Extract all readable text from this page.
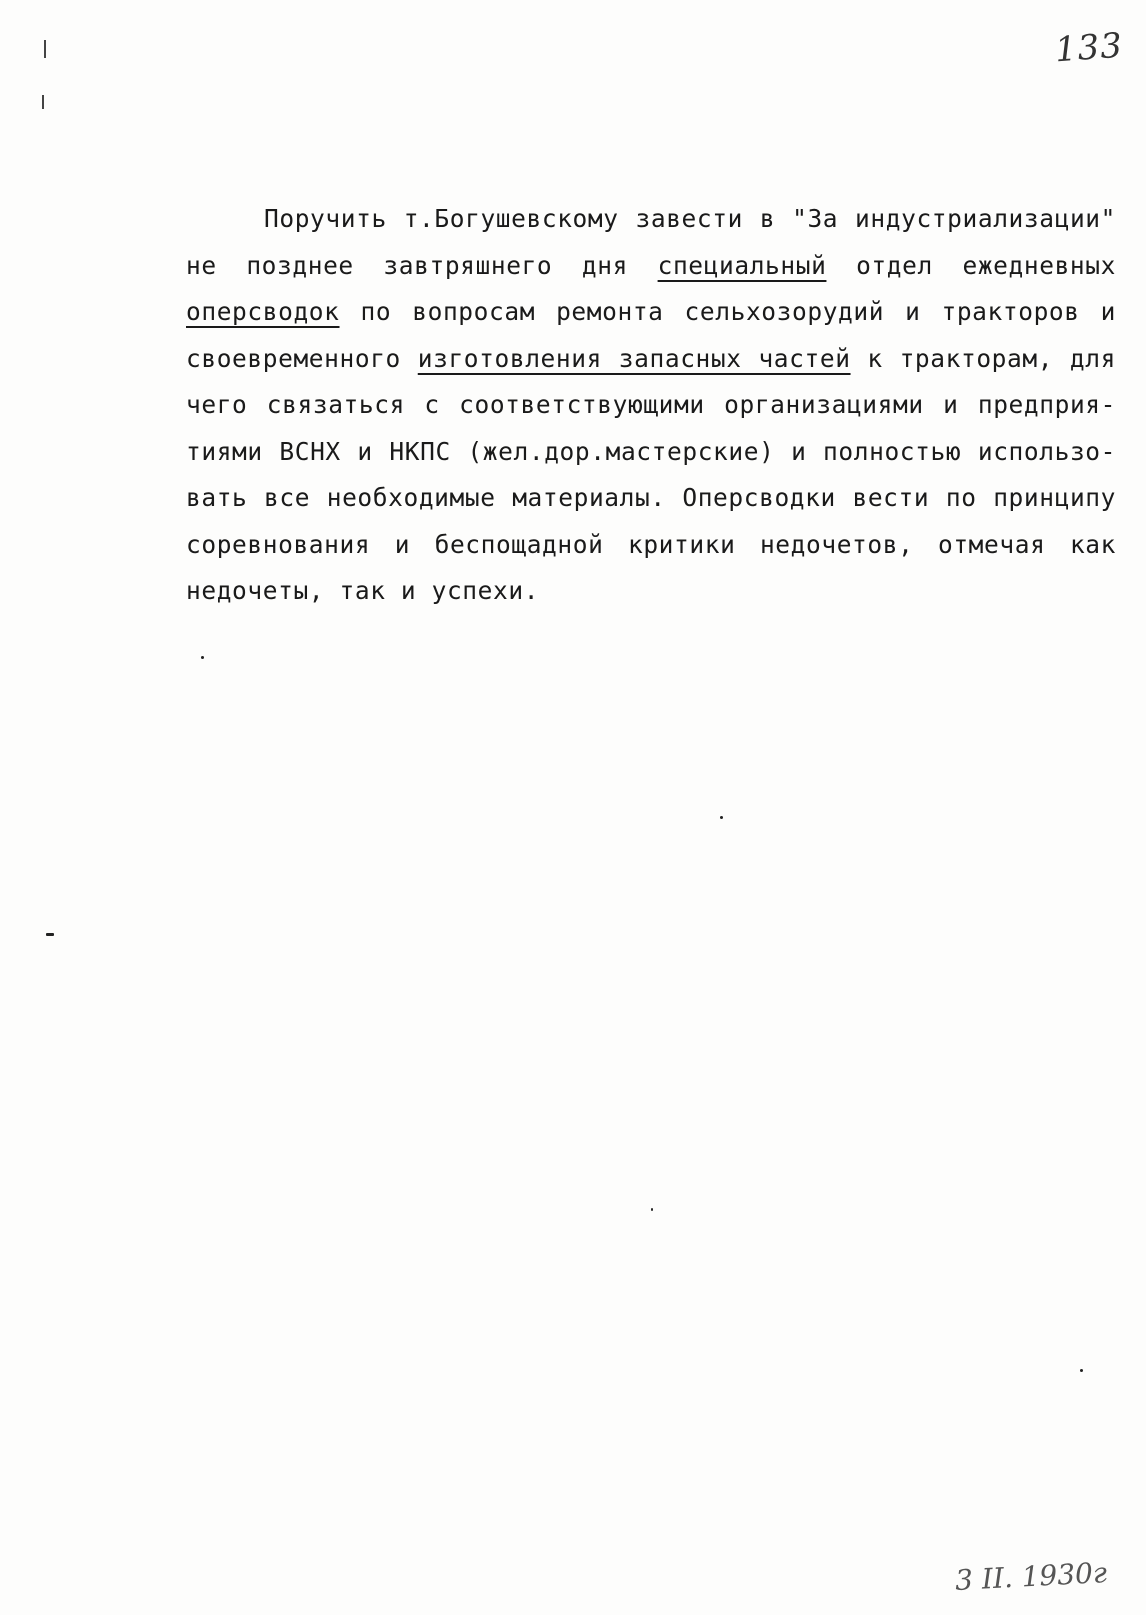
133
Поручить т.Богушевскому завести в "За индустриализации"
не позднее завтряшнего дня специальный отдел ежедневных
оперсводок по вопросам ремонта сельхозорудий и тракторов и
своевременного изготовления запасных частей к тракторам, для
чего связаться с соответствующими организациями и предприя-
тиями ВСНХ и НКПС (жел.дор.мастерские) и полностью использо-
вать все необходимые материалы. Оперсводки вести по принципу
соревнования и беспощадной критики недочетов, отмечая как
недочеты, так и успехи.
3 II. 1930г
